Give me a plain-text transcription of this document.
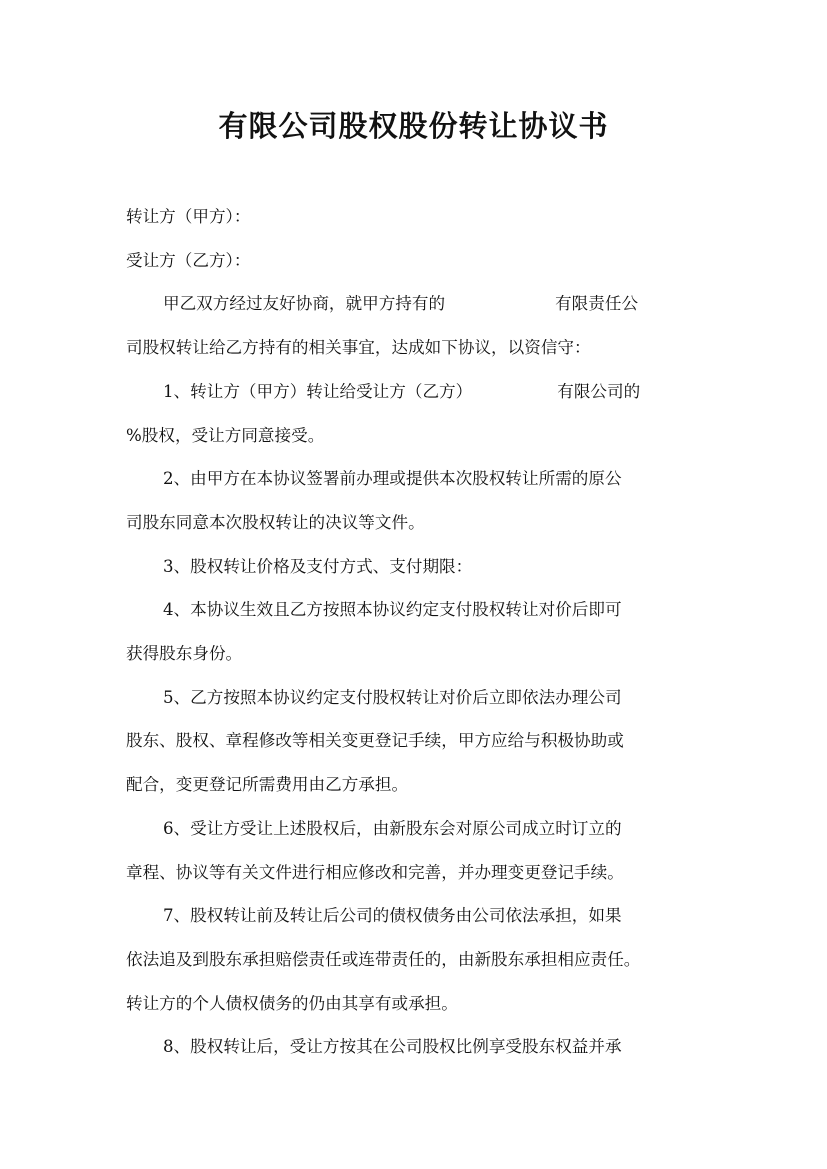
有限公司股权股份转让协议书
转让方（甲方）：
受让方（乙方）：
甲乙双方经过友好协商，就甲方持有的	有限责任公
司股权转让给乙方持有的相关事宜，达成如下协议，以资信守：
1、转让方（甲方）转让给受让方（乙方）	有限公司的
%股权，受让方同意接受。
2、由甲方在本协议签署前办理或提供本次股权转让所需的原公
司股东同意本次股权转让的决议等文件。
3、股权转让价格及支付方式、支付期限：
4、本协议生效且乙方按照本协议约定支付股权转让对价后即可
获得股东身份。
5、乙方按照本协议约定支付股权转让对价后立即依法办理公司
股东、股权、章程修改等相关变更登记手续，甲方应给与积极协助或
配合，变更登记所需费用由乙方承担。
6、受让方受让上述股权后，由新股东会对原公司成立时订立的
章程、协议等有关文件进行相应修改和完善，并办理变更登记手续。
7、股权转让前及转让后公司的债权债务由公司依法承担，如果
依法追及到股东承担赔偿责任或连带责任的，由新股东承担相应责任。
转让方的个人债权债务的仍由其享有或承担。
8、股权转让后，受让方按其在公司股权比例享受股东权益并承
